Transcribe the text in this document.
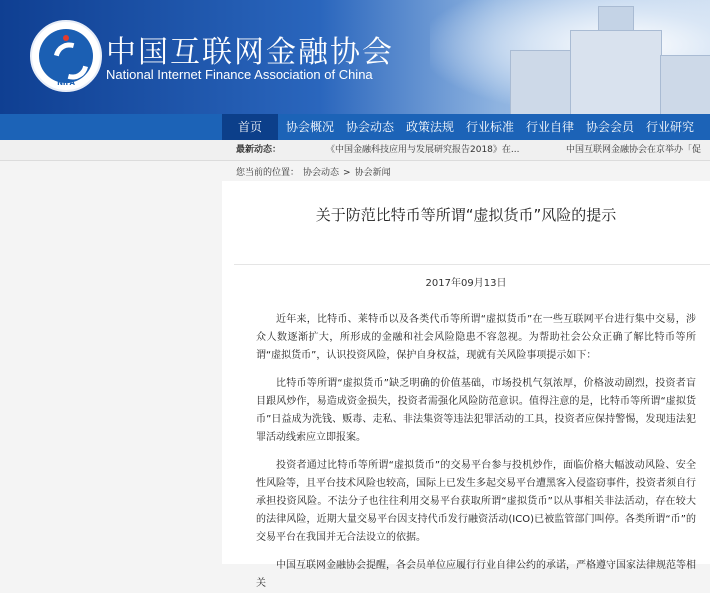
NIFA
中国互联网金融协会
National Internet Finance Association of China
首页	协会概况 协会动态 政策法规 行业标准 行业自律 协会会员 行业研究
最新动态：	《中国金融科技应用与发展研究报告2018》在...	中国互联网金融协会在京举办「促
您当前的位置： 协会动态 > 协会新闻
关于防范比特币等所谓“虚拟货币”风险的提示
2017年09月13日
近年来，比特币、莱特币以及各类代币等所谓“虚拟货币”在一些互联网平台进行集中交易，涉众人数逐渐扩大，所形成的金融和社会风险隐患不容忽视。为帮助社会公众正确了解比特币等所谓“虚拟货币”，认识投资风险，保护自身权益，现就有关风险事项提示如下：
比特币等所谓“虚拟货币”缺乏明确的价值基础，市场投机气氛浓厚，价格波动剧烈，投资者盲目跟风炒作，易造成资金损失，投资者需强化风险防范意识。值得注意的是，比特币等所谓“虚拟货币”日益成为洗钱、贩毒、走私、非法集资等违法犯罪活动的工具，投资者应保持警惕，发现违法犯罪活动线索应立即报案。
投资者通过比特币等所谓“虚拟货币”的交易平台参与投机炒作，面临价格大幅波动风险、安全性风险等，且平台技术风险也较高，国际上已发生多起交易平台遭黑客入侵盗窃事件，投资者须自行承担投资风险。不法分子也往往利用交易平台获取所谓“虚拟货币”以从事相关非法活动，存在较大的法律风险，近期大量交易平台因支持代币发行融资活动(ICO)已被监管部门叫停。各类所谓“币”的交易平台在我国并无合法设立的依据。
中国互联网金融协会提醒，各会员单位应履行行业自律公约的承诺，严格遵守国家法律规范等相关
